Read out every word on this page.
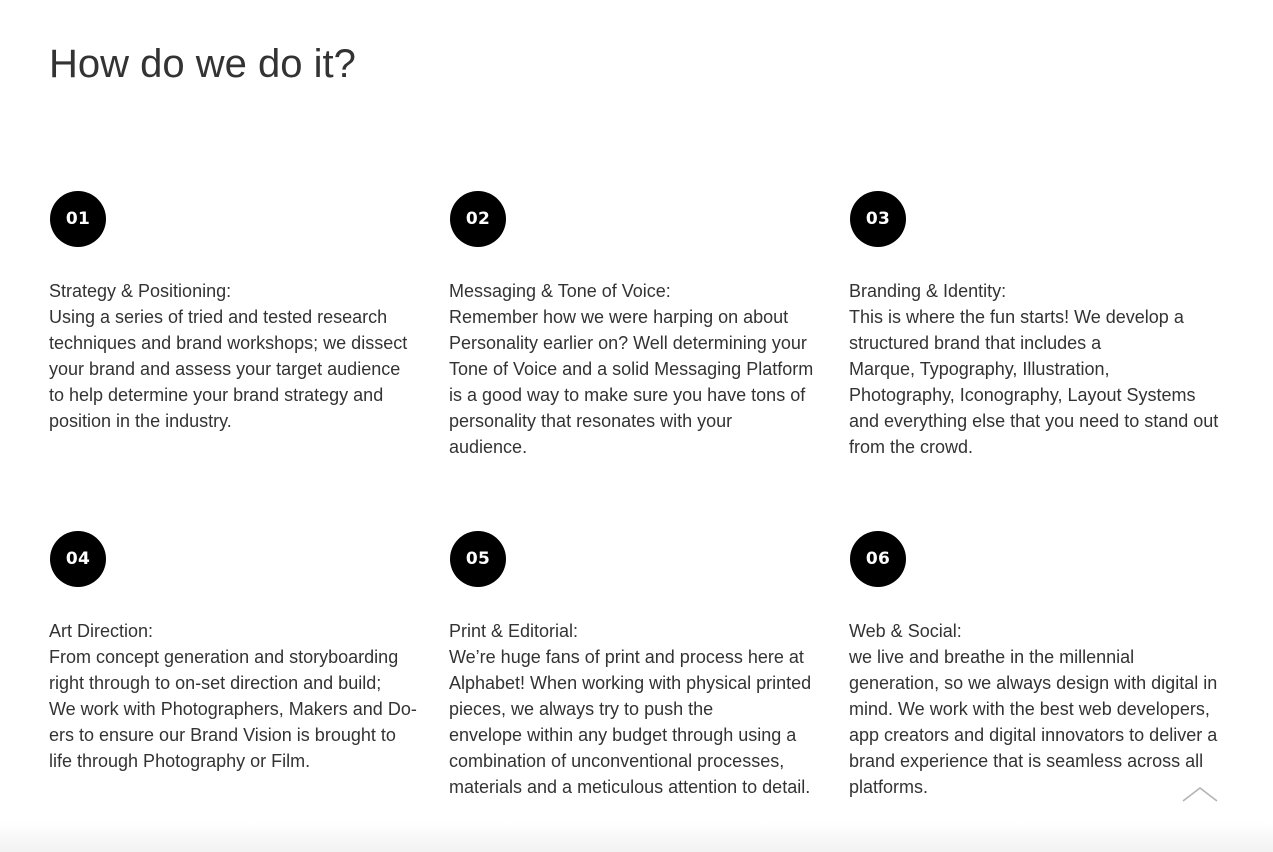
How do we do it?
01
Strategy & Positioning:
Using a series of tried and tested research
techniques and brand workshops; we dissect
your brand and assess your target audience
to help determine your brand strategy and
position in the industry.
02
Messaging & Tone of Voice:
Remember how we were harping on about
Personality earlier on? Well determining your
Tone of Voice and a solid Messaging Platform
is a good way to make sure you have tons of
personality that resonates with your
audience.
03
Branding & Identity:
This is where the fun starts! We develop a
structured brand that includes a
Marque, Typography, Illustration,
Photography, Iconography, Layout Systems
and everything else that you need to stand out
from the crowd.
04
Art Direction:
From concept generation and storyboarding
right through to on-set direction and build;
We work with Photographers, Makers and Do-
ers to ensure our Brand Vision is brought to
life through Photography or Film.
05
Print & Editorial:
We’re huge fans of print and process here at
Alphabet! When working with physical printed
pieces, we always try to push the
envelope within any budget through using a
combination of unconventional processes,
materials and a meticulous attention to detail.
06
Web & Social:
we live and breathe in the millennial
generation, so we always design with digital in
mind. We work with the best web developers,
app creators and digital innovators to deliver a
brand experience that is seamless across all
platforms.
